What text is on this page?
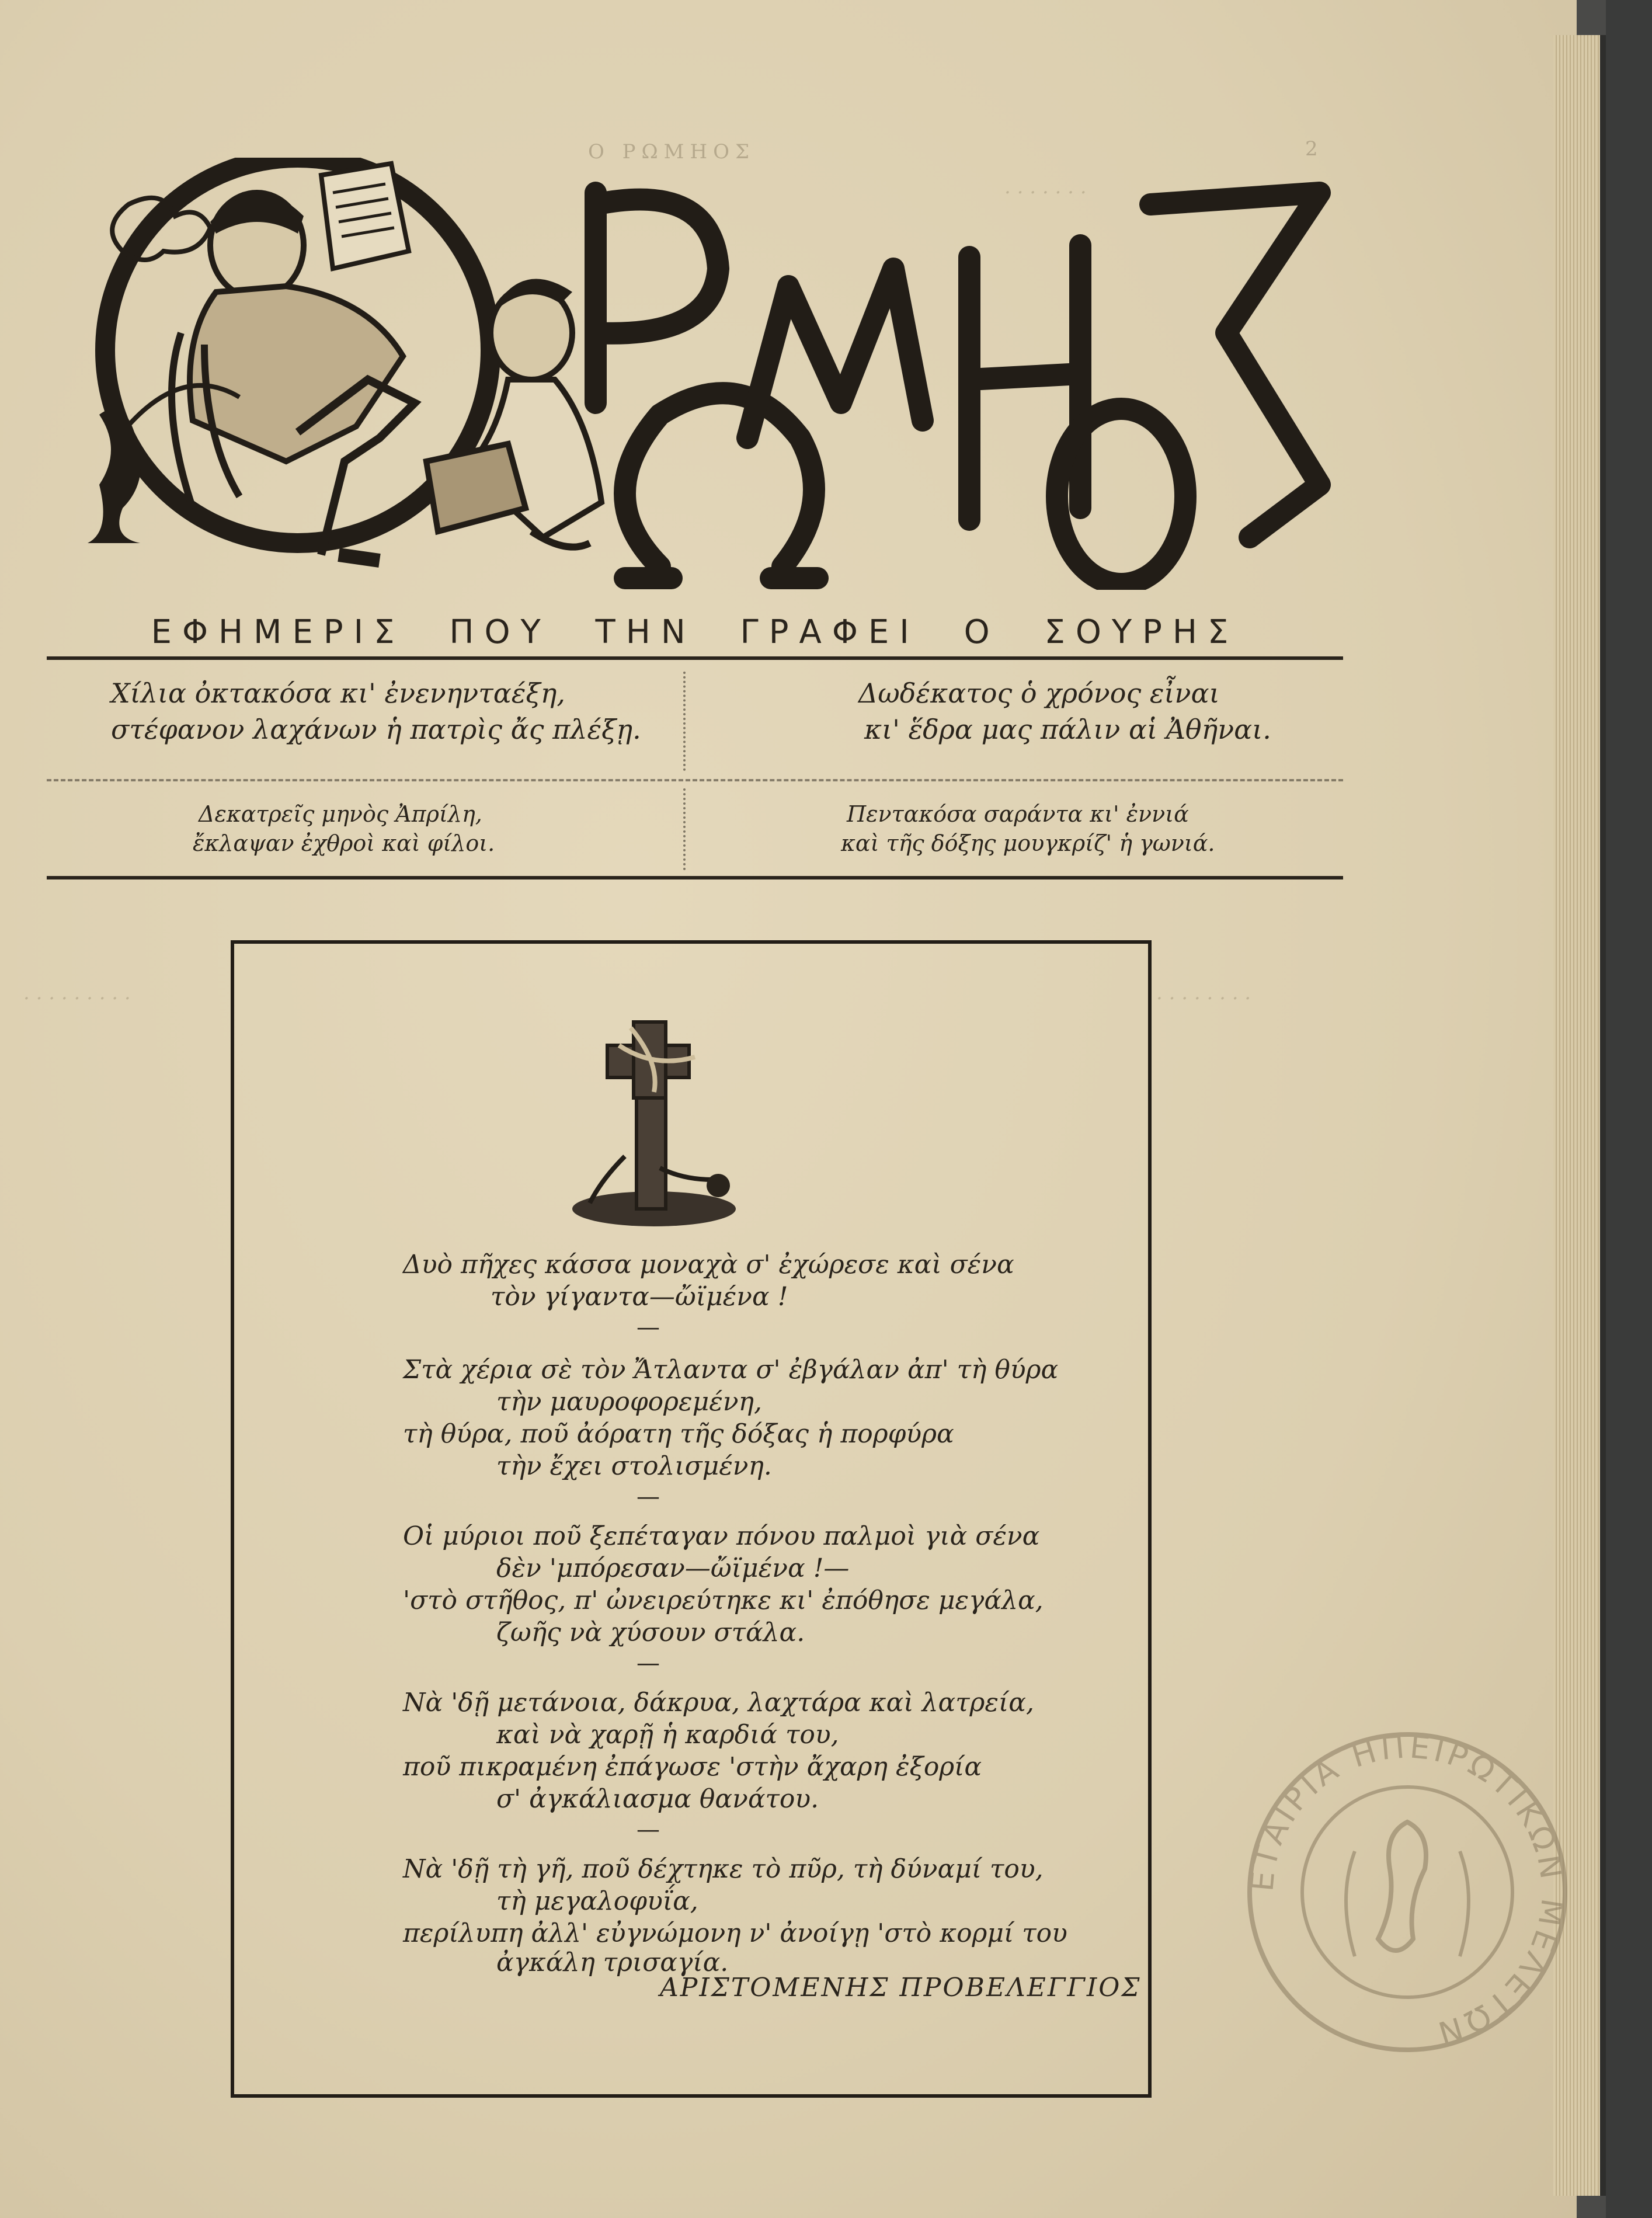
Ο ΡΩΜΗΟΣ	2
. . . . . . .
ΕΦΗΜΕΡΙΣ ΠΟΥ ΤΗΝ ΓΡΑΦΕΙ Ο ΣΟΥΡΗΣ
Χίλια ὀκτακόσα κι' ἐνενηνταέξη,
στέφανον λαχάνων ἡ πατρὶς ἄς πλέξῃ.
Δωδέκατος ὁ χρόνος εἶναι
κι' ἕδρα μας πάλιν αἱ Ἀθῆναι.
Δεκατρεῖς μηνὸς Ἀπρίλη,
ἔκλαψαν ἐχθροὶ καὶ φίλοι.
Πεντακόσα σαράντα κι' ἐννιά
καὶ τῆς δόξης μουγκρίζ' ἡ γωνιά.
. . . . . . . . .	. . . . . . . .
Δυὸ πῆχες κάσσα μοναχὰ σ' ἐχώρεσε καὶ σένα
τὸν γίγαντα—ὤϊμένα !
—
Στὰ χέρια σὲ τὸν Ἄτλαντα σ' ἐβγάλαν ἀπ' τὴ θύρα
τὴν μαυροφορεμένη,
τὴ θύρα, ποῦ ἀόρατη τῆς δόξας ἡ πορφύρα
τὴν ἔχει στολισμένη.
—
Οἱ μύριοι ποῦ ξεπέταγαν πόνου παλμοὶ γιὰ σένα
δὲν 'μπόρεσαν—ὤϊμένα !—
'στὸ στῆθος, π' ὠνειρεύτηκε κι' ἐπόθησε μεγάλα,
ζωῆς νὰ χύσουν στάλα.
—
Νὰ 'δῇ μετάνοια, δάκρυα, λαχτάρα καὶ λατρεία,
καὶ νὰ χαρῇ ἡ καρδιά του,
ποῦ πικραμένη ἐπάγωσε 'στὴν ἄχαρη ἐξορία
σ' ἀγκάλιασμα θανάτου.
—
Νὰ 'δῇ τὴ γῆ, ποῦ δέχτηκε τὸ πῦρ, τὴ δύναμί του,
τὴ μεγαλοφυΐα,
περίλυπη ἀλλ' εὐγνώμονη ν' ἀνοίγῃ 'στὸ κορμί του
ἀγκάλη τρισαγία.
ΑΡΙΣΤΟΜΕΝΗΣ ΠΡΟΒΕΛΕΓΓΙΟΣ
ΕΤΑΙΡΙΑ ΗΠΕΙΡΩΤΙΚΩΝ ΜΕΛΕΤΩΝ
